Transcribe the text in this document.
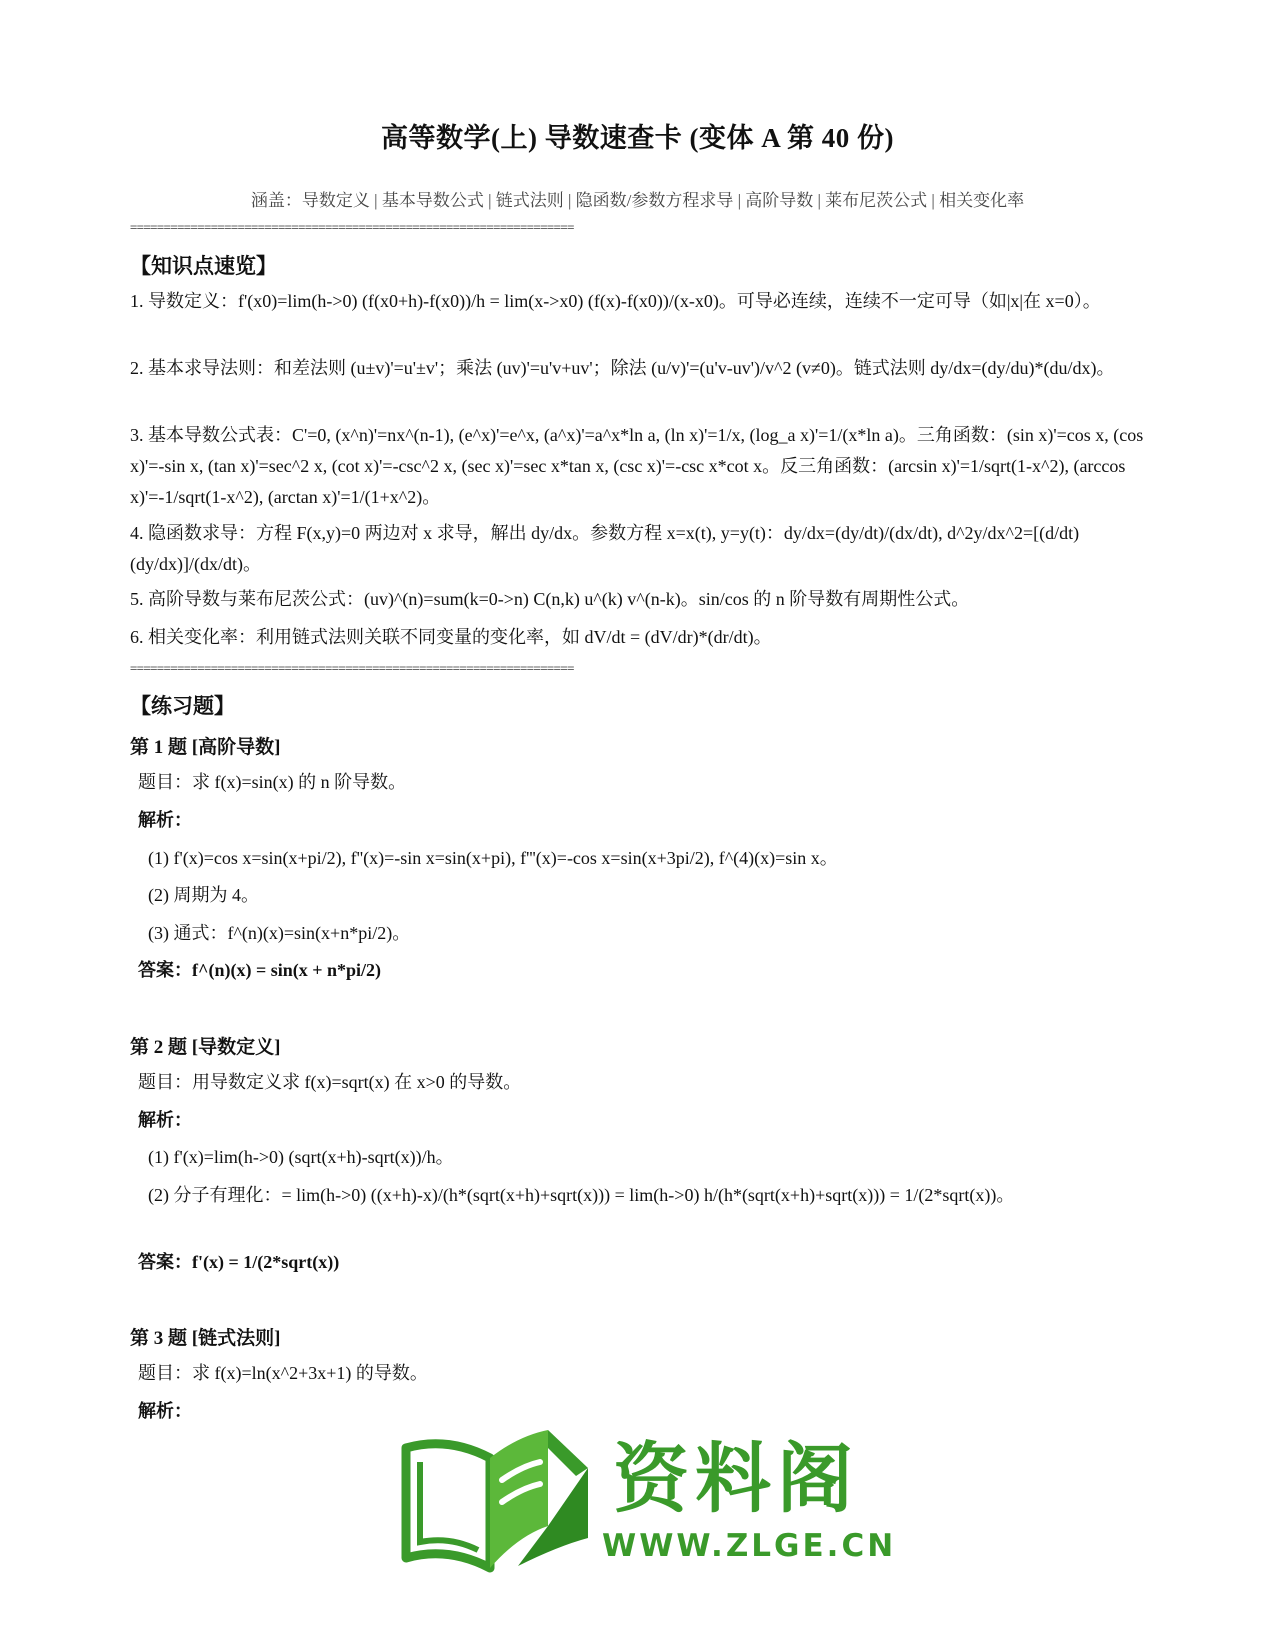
高等数学(上) 导数速查卡 (变体 A 第 40 份)
涵盖：导数定义 | 基本导数公式 | 链式法则 | 隐函数/参数方程求导 | 高阶导数 | 莱布尼茨公式 | 相关变化率
==================================================================
【知识点速览】
1. 导数定义：f'(x0)=lim(h->0) (f(x0+h)-f(x0))/h = lim(x->x0) (f(x)-f(x0))/(x-x0)。可导必连续，连续不一定可导（如|x|在 x=0）。
2. 基本求导法则：和差法则 (u±v)'=u'±v'；乘法 (uv)'=u'v+uv'；除法 (u/v)'=(u'v-uv')/v^2 (v≠0)。链式法则 dy/dx=(dy/du)*(du/dx)。
3. 基本导数公式表：C'=0, (x^n)'=nx^(n-1), (e^x)'=e^x, (a^x)'=a^x*ln a, (ln x)'=1/x, (log_a x)'=1/(x*ln a)。三角函数：(sin x)'=cos x, (cos x)'=-sin x, (tan x)'=sec^2 x, (cot x)'=-csc^2 x, (sec x)'=sec x*tan x, (csc x)'=-csc x*cot x。反三角函数：(arcsin x)'=1/sqrt(1-x^2), (arccos x)'=-1/sqrt(1-x^2), (arctan x)'=1/(1+x^2)。
4. 隐函数求导：方程 F(x,y)=0 两边对 x 求导，解出 dy/dx。参数方程 x=x(t), y=y(t)：dy/dx=(dy/dt)/(dx/dt), d^2y/dx^2=[(d/dt)(dy/dx)]/(dx/dt)。
5. 高阶导数与莱布尼茨公式：(uv)^(n)=sum(k=0->n) C(n,k) u^(k) v^(n-k)。sin/cos 的 n 阶导数有周期性公式。
6. 相关变化率：利用链式法则关联不同变量的变化率，如 dV/dt = (dV/dr)*(dr/dt)。
==================================================================
【练习题】
第 1 题 [高阶导数]
题目：求 f(x)=sin(x) 的 n 阶导数。
解析：
(1) f'(x)=cos x=sin(x+pi/2), f''(x)=-sin x=sin(x+pi), f'''(x)=-cos x=sin(x+3pi/2), f^(4)(x)=sin x。
(2) 周期为 4。
(3) 通式：f^(n)(x)=sin(x+n*pi/2)。
答案：f^(n)(x) = sin(x + n*pi/2)
第 2 题 [导数定义]
题目：用导数定义求 f(x)=sqrt(x) 在 x>0 的导数。
解析：
(1) f'(x)=lim(h->0) (sqrt(x+h)-sqrt(x))/h。
(2) 分子有理化：= lim(h->0) ((x+h)-x)/(h*(sqrt(x+h)+sqrt(x))) = lim(h->0) h/(h*(sqrt(x+h)+sqrt(x))) = 1/(2*sqrt(x))。
答案：f'(x) = 1/(2*sqrt(x))
第 3 题 [链式法则]
题目：求 f(x)=ln(x^2+3x+1) 的导数。
解析：
资料阁
WWW.ZLGE.CN
